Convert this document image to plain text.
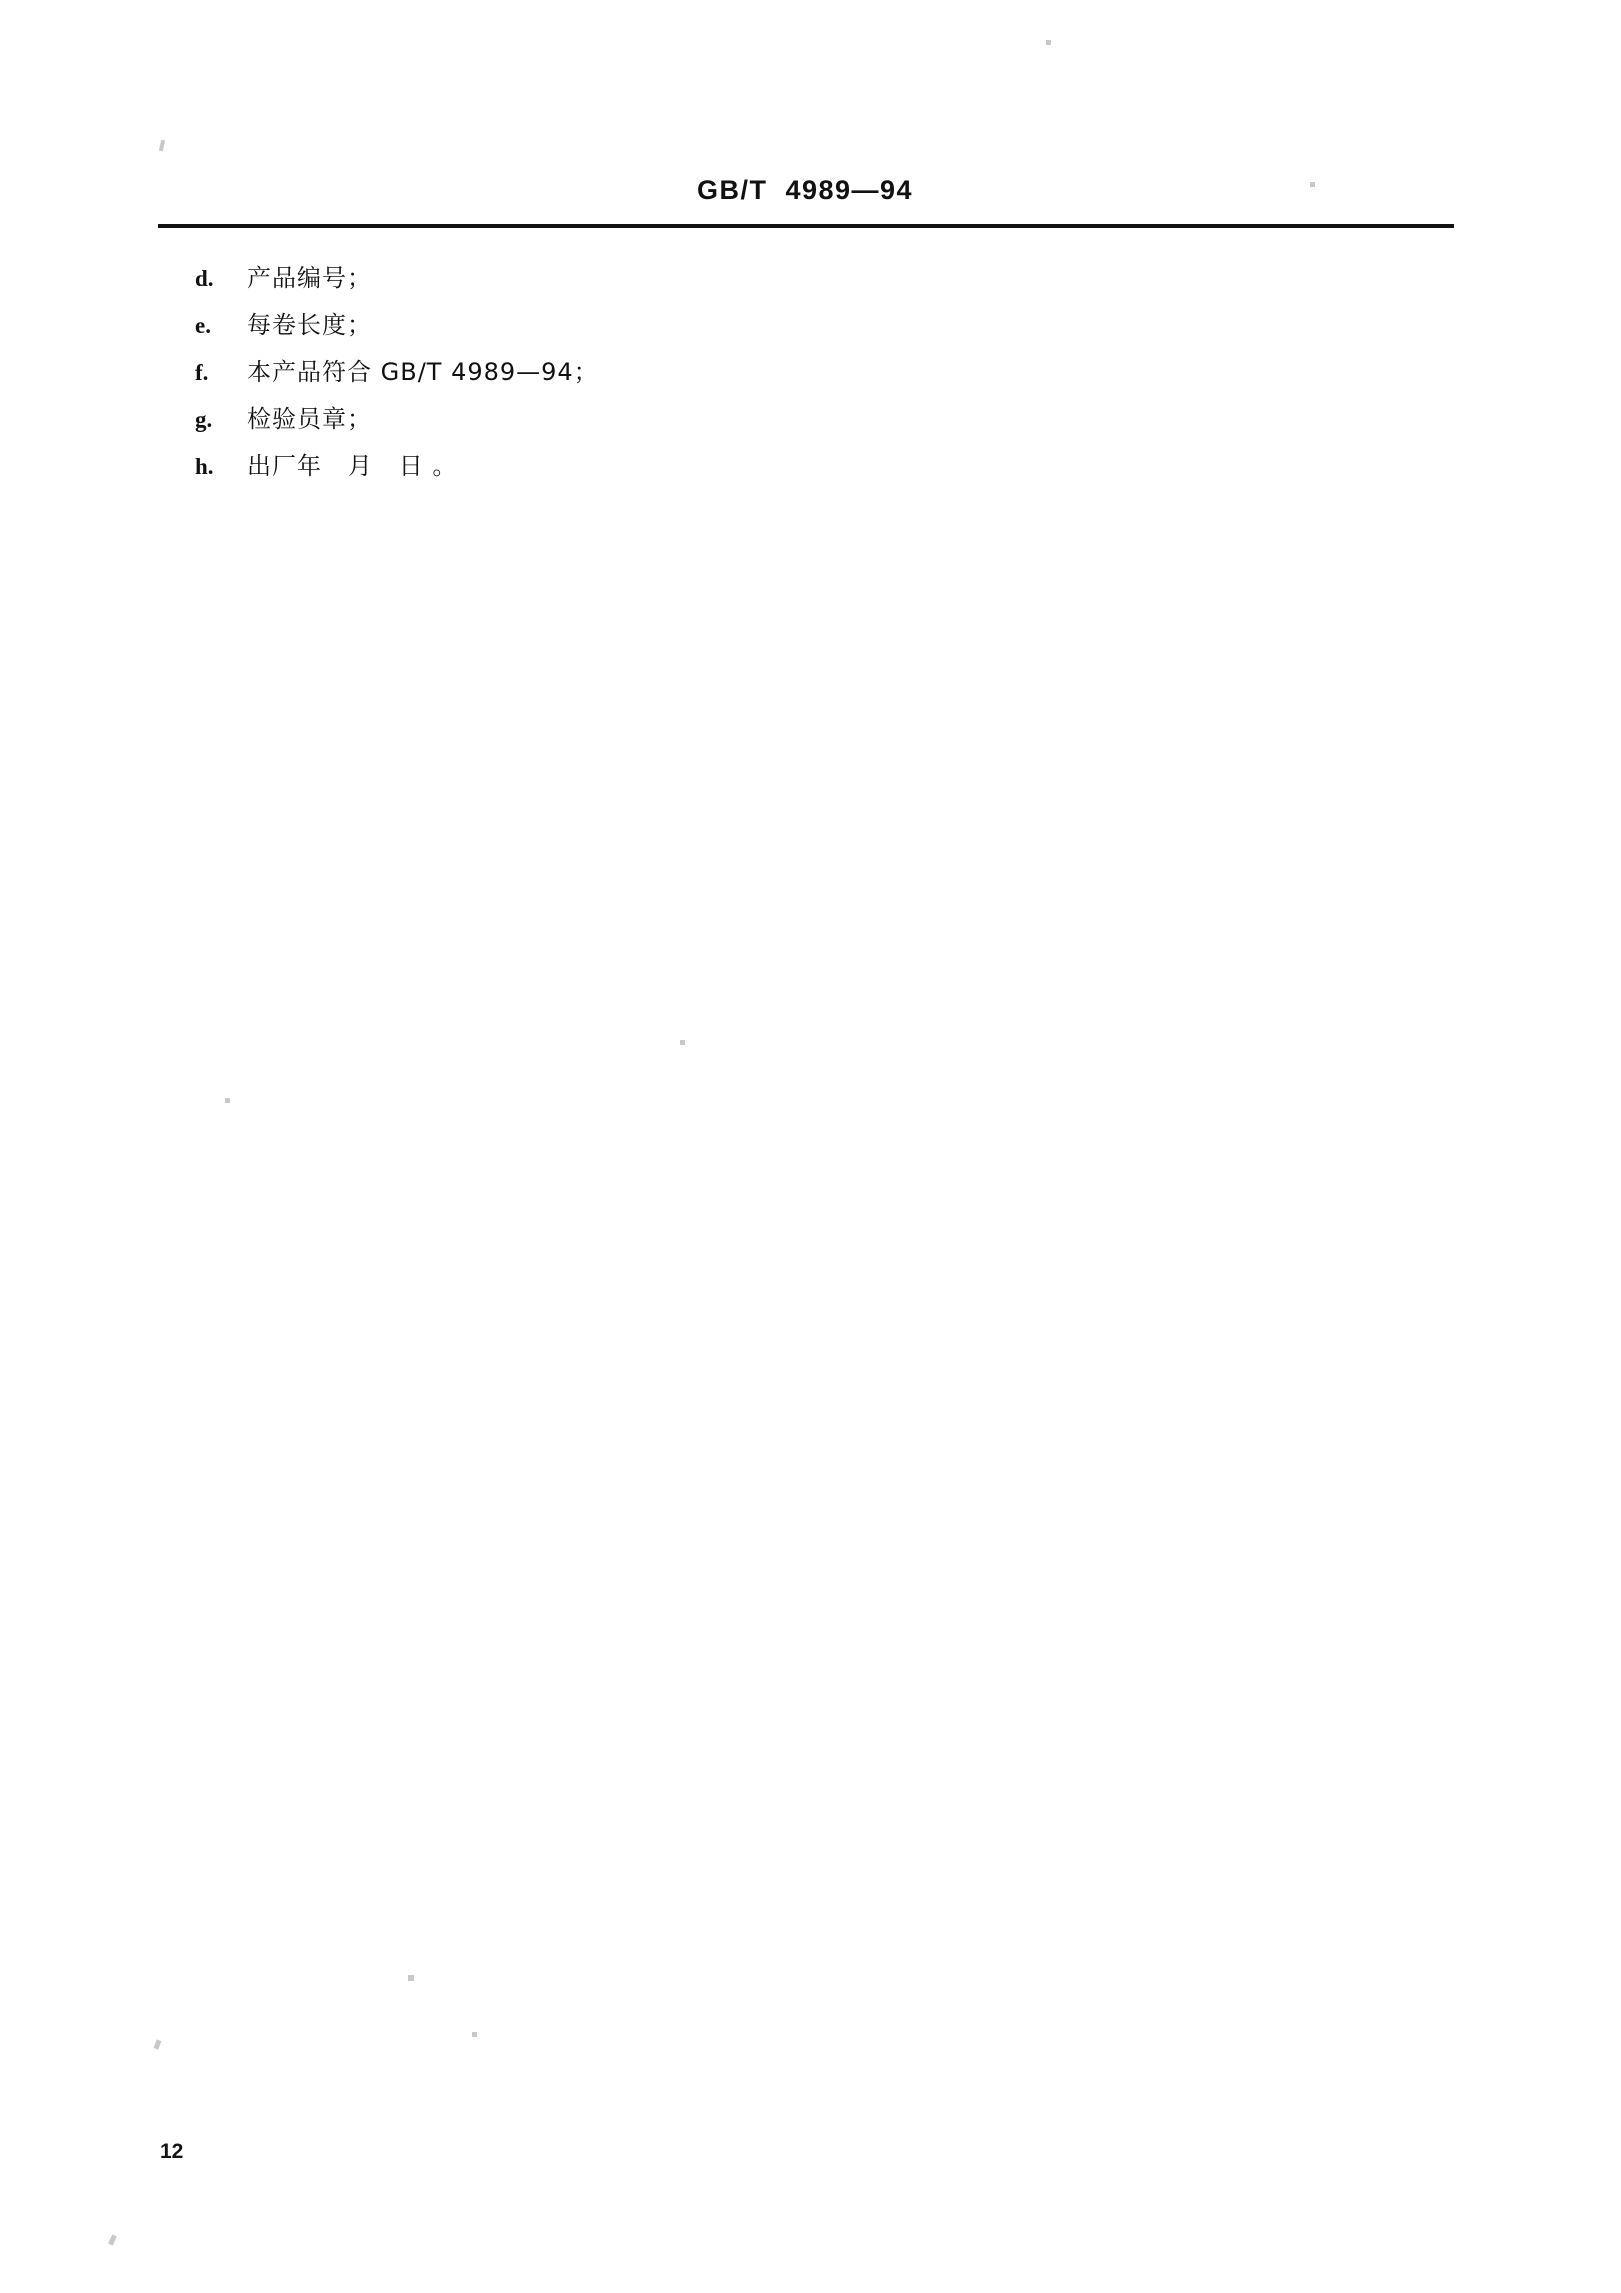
GB/T  4989—94
d.	产品编号；
e.	每卷长度；
f.	本产品符合 GB/T 4989—94；
g.	检验员章；
h.	出厂年   月   日 。
12
